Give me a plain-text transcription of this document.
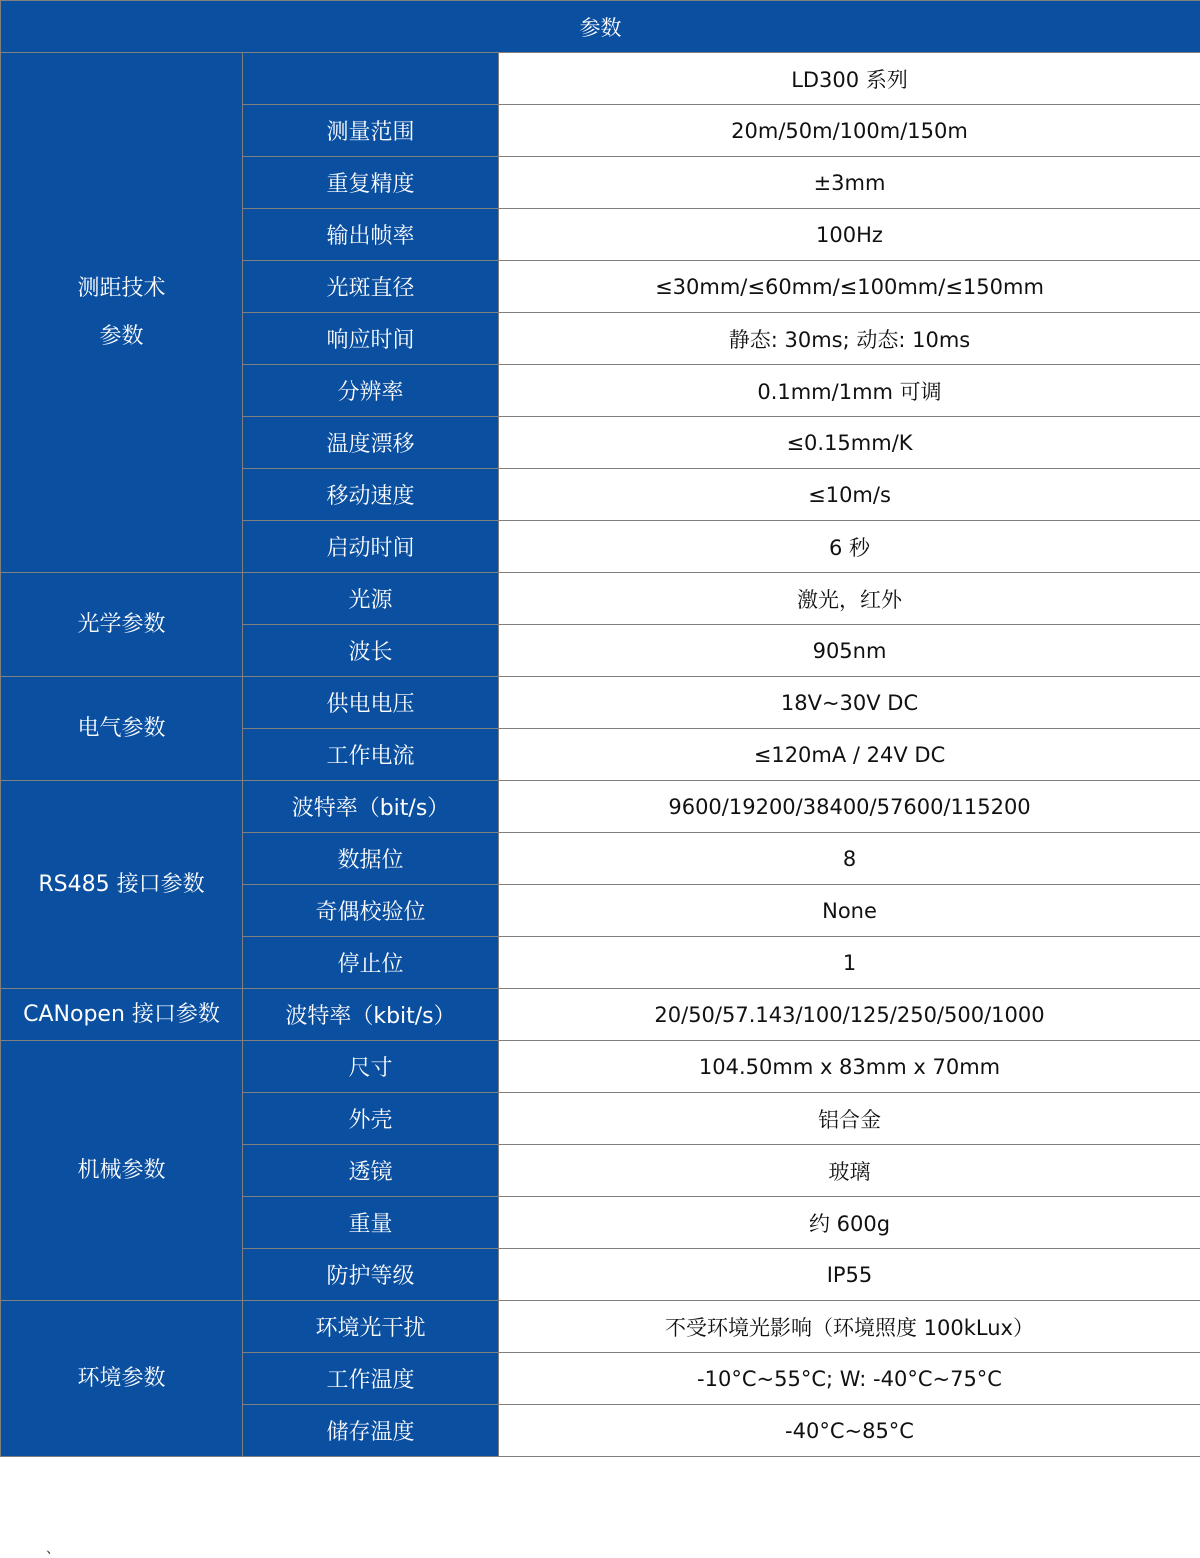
参数		
测距技术
参数		LD300 系列
	测量范围	20m/50m/100m/150m
	重复精度	±3mm
	输出帧率	100Hz
	光斑直径	≤30mm/≤60mm/≤100mm/≤150mm
	响应时间	静态: 30ms; 动态: 10ms
	分辨率	0.1mm/1mm 可调
	温度漂移	≤0.15mm/K
	移动速度	≤10m/s
	启动时间	6 秒
光学参数	光源	激光，红外
	波长	905nm
电气参数	供电电压	18V~30V DC
	工作电流	≤120mA / 24V DC
RS485 接口参数	波特率（bit/s）	9600/19200/38400/57600/115200
	数据位	8
	奇偶校验位	None
	停止位	1
CANopen 接口参数	波特率（kbit/s）	20/50/57.143/100/125/250/500/1000
机械参数	尺寸	104.50mm x 83mm x 70mm
	外壳	铝合金
	透镜	玻璃
	重量	约 600g
	防护等级	IP55
环境参数	环境光干扰	不受环境光影响（环境照度 100kLux）
	工作温度	-10°C~55°C; W: -40°C~75°C
	储存温度	-40°C~85°C
、
